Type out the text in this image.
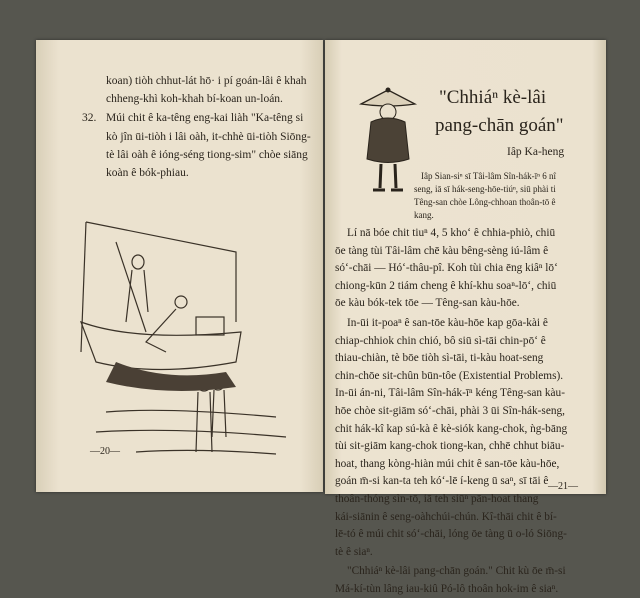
koan) tiòh chhut-lát hō· i pí goán-lâi ê khah
chheng-khì koh-khah bí-koan un-loán.
32. Múi chit ê ka-têng eng-kai liàh "Ka-têng si
kò jîn ūi-tiòh i lâi oàh, it-chhè ūi-tiòh Siōng-
tè lâi oàh ê ióng-séng tiong-sim" chòe siāng
koàn ê bók-phiau.
—20—
"Chhiáⁿ kè-lâi
pang-chān goán"
Iâp Ka-heng
Iâp Sian-siⁿ sī Tâi-lâm Sîn-hák-īⁿ 6 nî
seng, iā sī hák-seng-hōe-tiúⁿ, siū phài ti
Têng-san chòe Lông-chhoan thoân-tō ê
kang.
Lí nā bóe chit tiuⁿ 4, 5 khoʻ ê chhia-phiò, chiū
ōe tàng tùi Tâi-lâm chē kàu bêng-sèng iú-lâm ê
sóʻ-chāi — Hóʻ-thâu-pî. Koh tùi chia ēng kiâⁿ lōʻ
chiong-kūn 2 tiám cheng ê khí-khu soaⁿ-lōʻ, chiū
ōe kàu bók-tek tōe — Têng-san kàu-hōe.
In-ūi it-poaⁿ ê san-tōe kàu-hōe kap gōa-kài ê
chiap-chhiok chin chió, bô siū sì-tāi chin-pōʻ ê
thiau-chiàn, tè bōe tiòh sì-tāi, ti-kàu hoat-seng
chin-chōe sit-chûn būn-tôe (Existential Problems).
In-ūi án-ni, Tâi-lâm Sîn-hák-īⁿ kéng Têng-san kàu-
hōe chòe sit-giām sóʻ-chāi, phài 3 ūi Sîn-hák-seng,
chit hák-kî kap sú-kà ê kè-siók kang-chok, ǹg-bāng
tùi sit-giām kang-chok tiong-kan, chhē chhut biāu-
hoat, thang kòng-hiàn múi chit ê san-tōe kàu-hōe,
goán m̄-si kan-ta teh kóʻ-lē í-keng ū saⁿ, sī tāi ê
thoân-thóng sìn-tō, iā teh siūⁿ pān-hoat thang
kái-siānin ê seng-oàhchúi-chún. Kî-thāi chit ê bí-
lē-tó ê múi chit sóʻ-chāi, lóng ōe tàng ū o-ló Siōng-
tè ê siaⁿ.
"Chhiáⁿ kè-lâi pang-chān goán." Chit kù ōe m̄-si
Má-kí-tùn lâng iau-kiû Pó-lô thoân hok-im ê siaⁿ.
—21—
